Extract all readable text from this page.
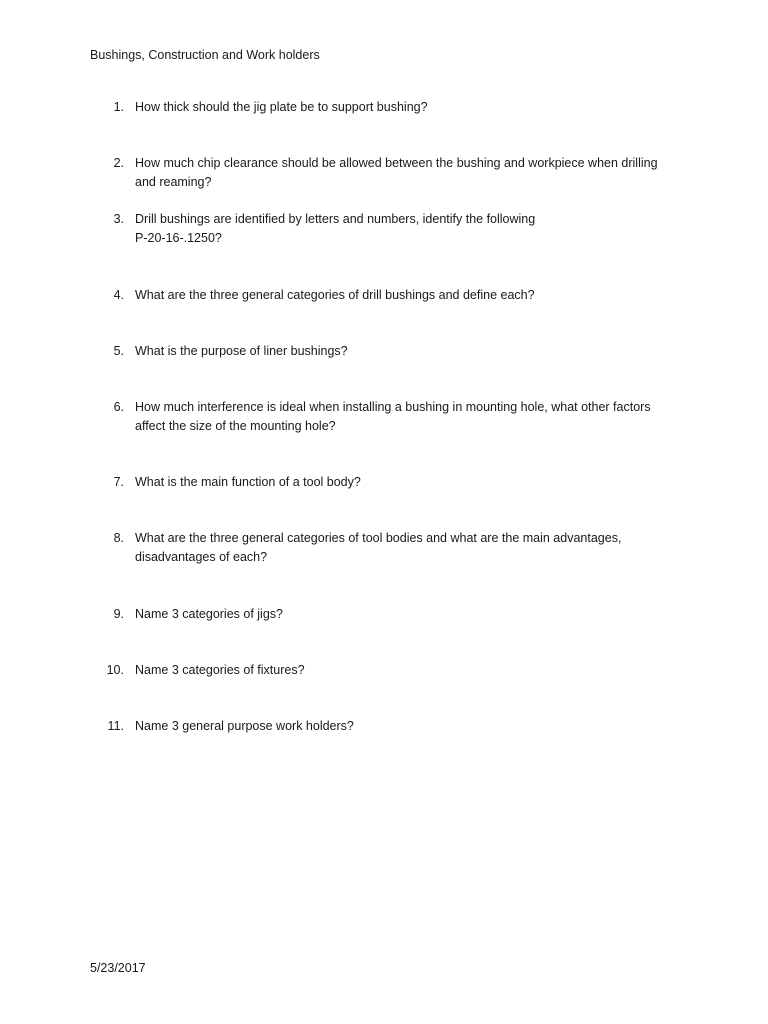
Bushings, Construction and Work holders
1. How thick should the jig plate be to support bushing?
2. How much chip clearance should be allowed between the bushing and workpiece when drilling and reaming?
3. Drill bushings are identified by letters and numbers, identify the following
P-20-16-.1250?
4. What are the three general categories of drill bushings and define each?
5. What is the purpose of liner bushings?
6. How much interference is ideal when installing a bushing in mounting hole, what other factors affect the size of the mounting hole?
7. What is the main function of a tool body?
8. What are the three general categories of tool bodies and what are the main advantages, disadvantages of each?
9. Name 3 categories of jigs?
10. Name 3 categories of fixtures?
11. Name 3 general purpose work holders?
5/23/2017
